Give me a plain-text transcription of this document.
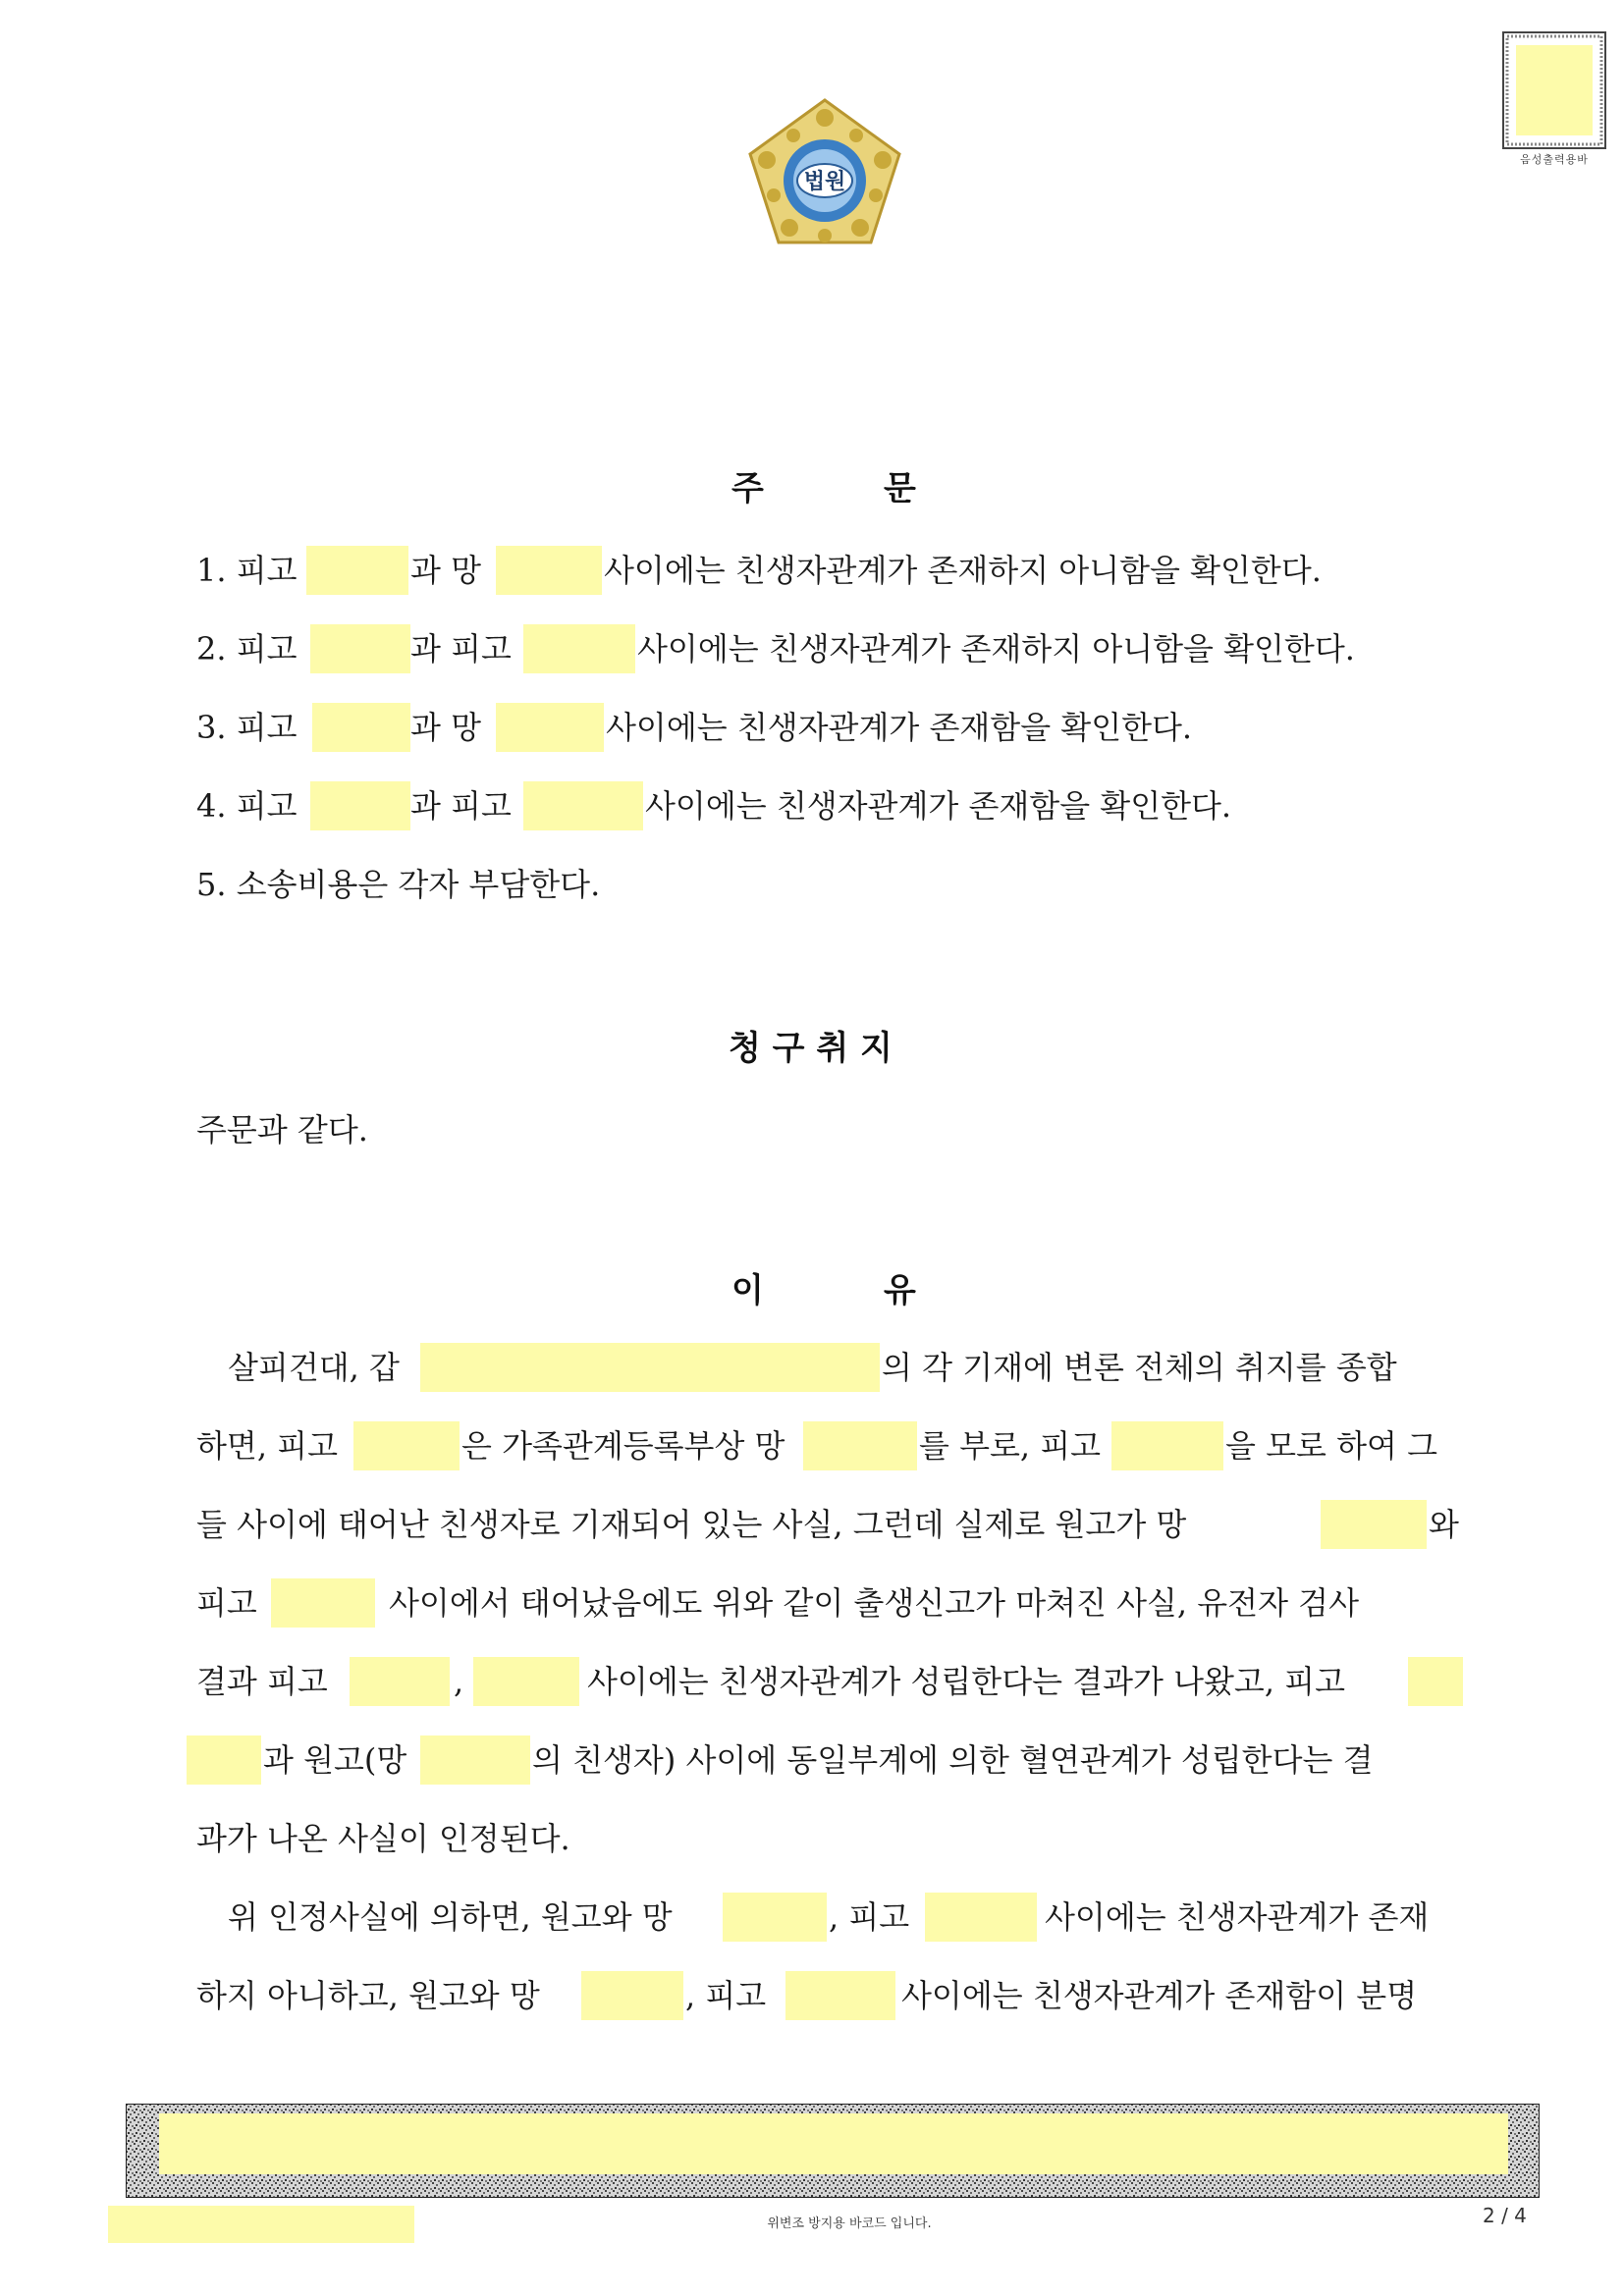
법원
음성출력용바
주	문
1. 피고	과 망	사이에는 친생자관계가 존재하지 아니함을 확인한다.
2. 피고	과 피고	사이에는 친생자관계가 존재하지 아니함을 확인한다.
3. 피고	과 망	사이에는 친생자관계가 존재함을 확인한다.
4. 피고	과 피고	사이에는 친생자관계가 존재함을 확인한다.
5. 소송비용은 각자 부담한다.
청 구 취 지
주문과 같다.
이	유
살피건대, 갑	의 각 기재에 변론 전체의 취지를 종합
하면, 피고	은 가족관계등록부상 망	를 부로, 피고	을 모로 하여 그
들 사이에 태어난 친생자로 기재되어 있는 사실, 그런데 실제로 원고가 망	와
피고	사이에서 태어났음에도 위와 같이 출생신고가 마쳐진 사실, 유전자 검사
결과 피고	,	사이에는 친생자관계가 성립한다는 결과가 나왔고, 피고
과 원고(망	의 친생자) 사이에 동일부계에 의한 혈연관계가 성립한다는 결
과가 나온 사실이 인정된다.
위 인정사실에 의하면, 원고와 망	, 피고	사이에는 친생자관계가 존재
하지 아니하고, 원고와 망	, 피고	사이에는 친생자관계가 존재함이 분명
위변조 방지용 바코드 입니다.	2 / 4
